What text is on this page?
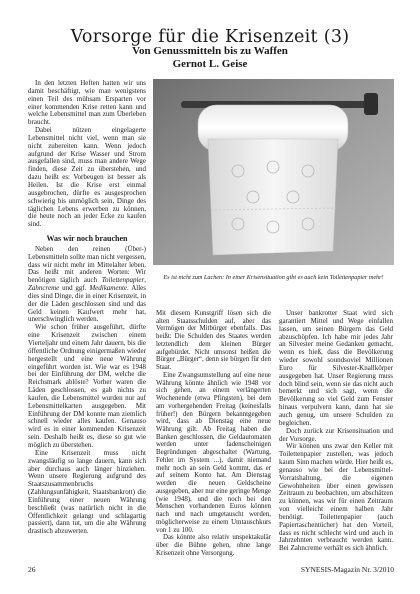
Vorsorge für die Krisenzeit (3)
Von Genussmitteln bis zu Waffen
Gernot L. Geise

In den letzten Heften hatten wir uns damit beschäftigt, wie man wenigstens einen Teil des mühsam Ersparten vor einer kommenden Krise retten kann und welche Lebensmittel man zum Überleben braucht.

Dabei nützen eingelagerte Lebensmittel nicht viel, wenn man sie nicht zubereiten kann. Wenn jedoch aufgrund der Krise Wasser und Strom ausgefallen sind, muss man andere Wege finden, diese Zeit zu überstehen, und dazu heißt es: Vorbeugen ist besser als Heilen. Ist die Krise erst einmal ausgebrochen, dürfte es ausgesprochen schwierig bis unmöglich sein, Dinge des täglichen Lebens erwerben zu können, die heute noch an jeder Ecke zu kaufen sind.

Was wir noch brauchen

Neben den reinen (Über-) Lebensmitteln sollte man nicht vergessen, dass wir nicht mehr im Mittelalter leben. Das heißt mit anderen Worten: Wir benötigen täglich auch Toilettenpapier, Zahncreme und ggf. Medikamente. Alles dies sind Dinge, die in einer Krisenzeit, in der die Läden geschlossen sind und das Geld keinen Kaufwert mehr hat, unerschwinglich werden.

Wie schon früher ausgeführt, dürfte eine Krisenzeit zwischen einem Vierteljahr und einem Jahr dauern, bis die öffentliche Ordnung einigermaßen wieder hergestellt und eine neue Währung eingeführt worden ist. Wie war es 1948 bei der Einführung der DM, welche die Reichsmark ablöste? Vorher waren die Läden geschlossen, es gab nichts zu kaufen, die Lebensmittel wurden nur auf Lebensmittelkarten ausgegeben. Mit Einführung der DM konnte man ziemlich schnell wieder alles kaufen. Genauso wird es in einer kommenden Krisenzeit sein. Deshalb heißt es, diese so gut wie möglich zu überstehen.

Eine Krisenzeit muss nicht zwangsläufig so lange dauern, kann sich aber durchaus auch länger hinziehen. Wenn unsere Regierung aufgrund des Staatszusammenbruchs (Zahlungsunfähigkeit, Staatsbankrott) die Einführung einer neuen Währung beschließt (was natürlich nicht in die Öffentlichkeit gelangt und schlagartig passiert), dann tut, um die alte Währung drastisch abzuwerten.

Es ist nicht zum Lachen: In einer Krisensituation gibt es auch kein Toilettenpapier mehr!

Mit diesem Kunstgriff lösen sich die alten Staatsschulden auf, aber das Vermögen der Mitbürger ebenfalls. Das heißt: Die Schulden des Staates werden letztendlich dem kleinen Bürger aufgebürdet. Nicht umsonst heißen die Bürger „Bürger“, denn sie bürgen für den Staat.

Eine Zwangsumstellung auf eine neue Währung könnte ähnlich wie 1948 vor sich gehen, an einem verlängerten Wochenende (etwa Pfingsten), bei dem am vorhergehenden Freitag (keinesfalls früher!) den Bürgern bekanntgegeben wird, dass ab Dienstag eine neue Währung gilt. Ab Freitag haben die Banken geschlossen, die Geldautomaten werden unter fadenscheinigen Begründungen abgeschaltet (Wartung, Fehler im System ...), damit niemand mehr noch an sein Geld kommt, das er auf seinem Konto hat. Am Dienstag werden die neuen Geldscheine ausgegeben, aber nur eine geringe Menge (wie 1948), und die noch bei den Menschen vorhandenen Euros können nach und nach umgetauscht werden, möglicherweise zu einem Umtauschkurs von 1 zu 100.

Das könnte also relativ unspektakulär über die Bühne gehen, ohne lange Krisenzeit ohne Versorgung.

Unser bankrotter Staat wird sich garantiert Mittel und Wege einfallen lassen, um seinen Bürgern das Geld abzuschöpfen. Ich habe mir jedes Jahr an Silvester meine Gedanken gemacht, wenn es hieß, dass die Bevölkerung wieder sowohl soundsoviel Millionen Euro für Silvester-Knallkörper ausgegeben hat. Unser Regierung muss doch blind sein, wenn sie das nicht auch bemerkt und sich sagt, wenn die Bevölkerung so viel Geld zum Fenster hinaus verpulvern kann, dann hat sie auch genug, um unsere Schulden zu begleichen.

Doch zurück zur Krisensituation und der Vorsorge.

Wir können uns zwar den Keller mit Toilettenpapier zustellen, was jedoch kaum Sinn machen würde. Hier heißt es, genauso wie bei der Lebensmittel-Vorratshaltung, die eigenen Gewohnheiten über einen gewissen Zeitraum zu beobachten, um abschätzen zu können, was wir für einen Zeitraum von vielleicht einem halben Jahr benötigt. Toilettenpapier (auch Papiertaschentücher) hat den Vorteil, dass es nicht schlecht wird und auch in Jahrzehnten verbraucht werden kann. Bei Zahncreme verhält es sich ähnlich.

26	SYNESIS-Magazin Nr. 3/2010
